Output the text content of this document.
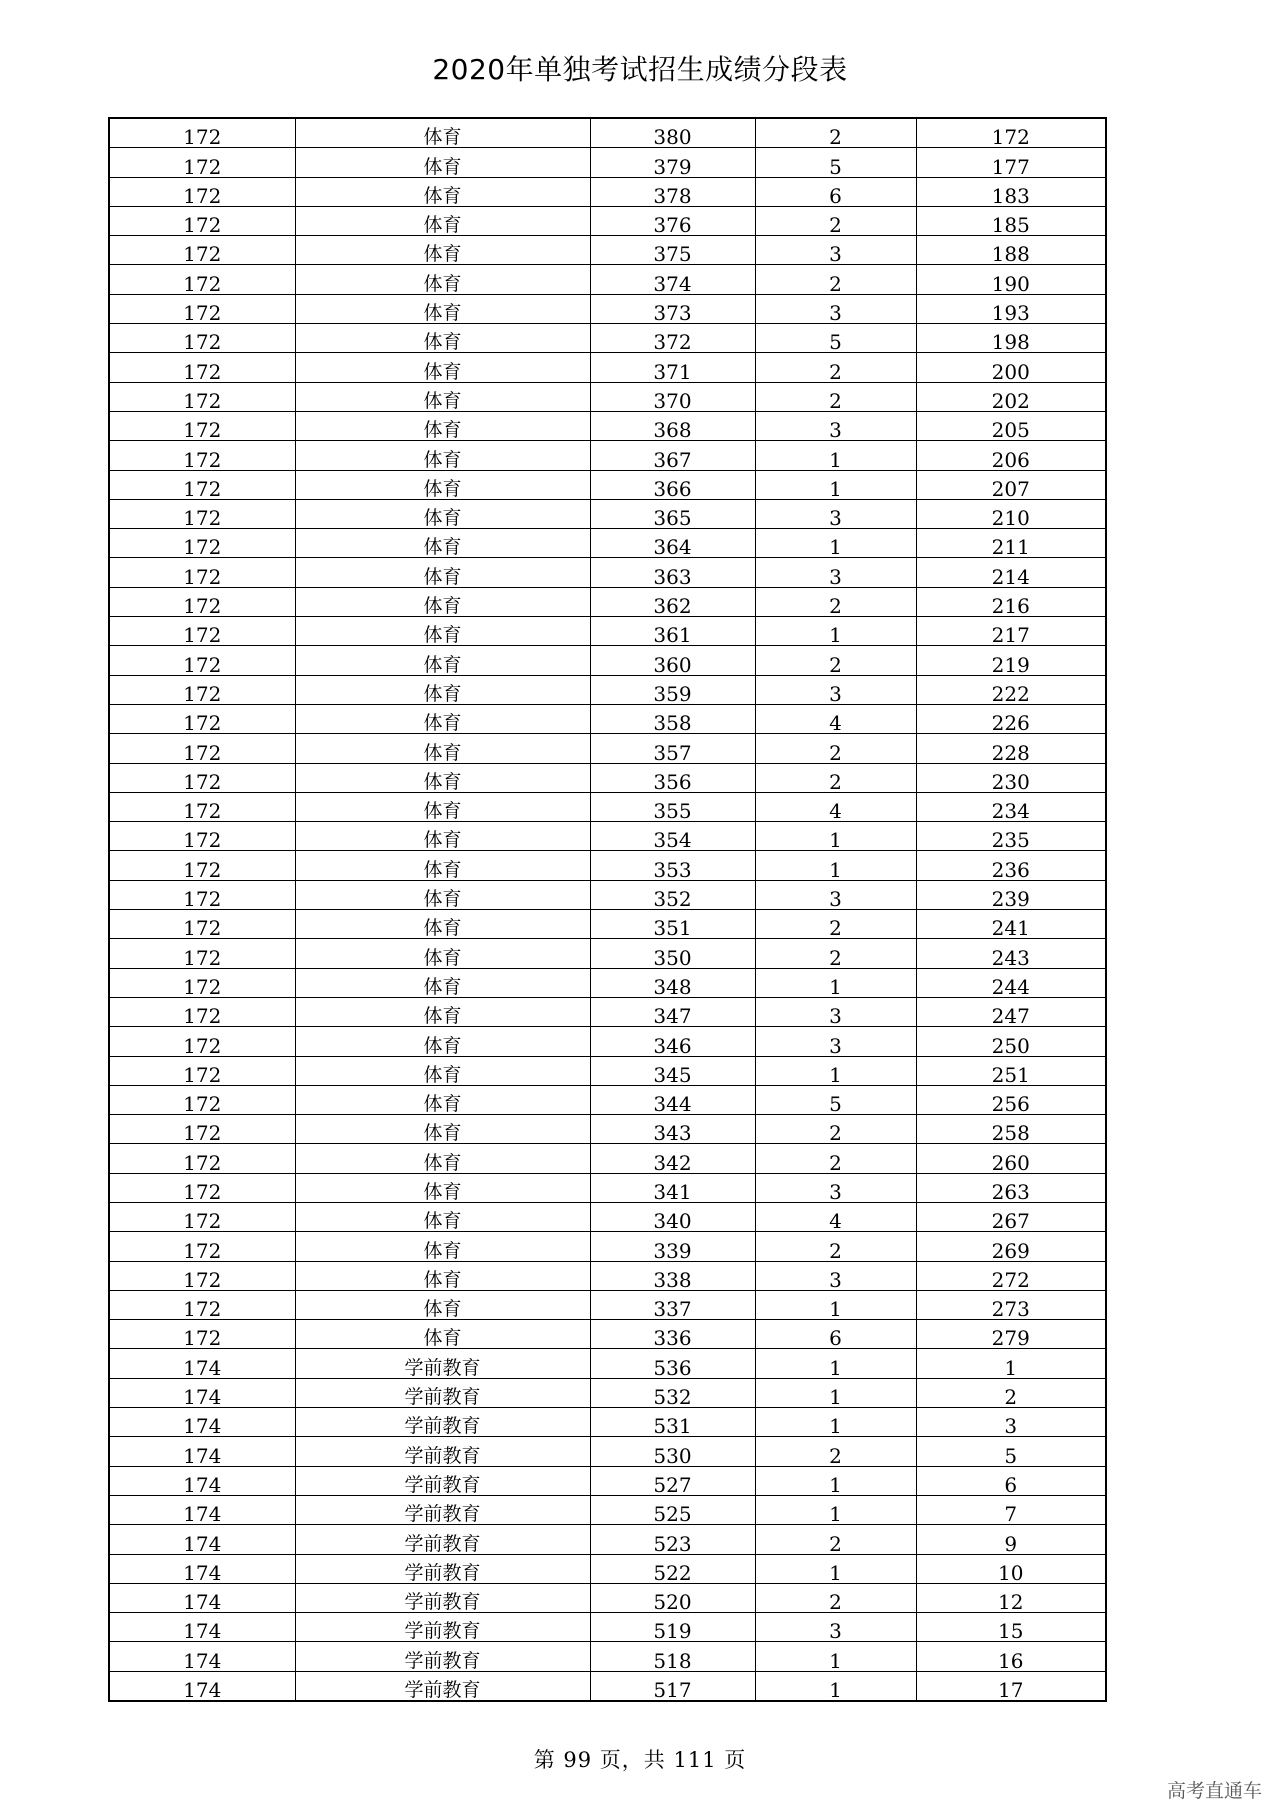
2020年单独考试招生成绩分段表
172	体育	380	2	172
172	体育	379	5	177
172	体育	378	6	183
172	体育	376	2	185
172	体育	375	3	188
172	体育	374	2	190
172	体育	373	3	193
172	体育	372	5	198
172	体育	371	2	200
172	体育	370	2	202
172	体育	368	3	205
172	体育	367	1	206
172	体育	366	1	207
172	体育	365	3	210
172	体育	364	1	211
172	体育	363	3	214
172	体育	362	2	216
172	体育	361	1	217
172	体育	360	2	219
172	体育	359	3	222
172	体育	358	4	226
172	体育	357	2	228
172	体育	356	2	230
172	体育	355	4	234
172	体育	354	1	235
172	体育	353	1	236
172	体育	352	3	239
172	体育	351	2	241
172	体育	350	2	243
172	体育	348	1	244
172	体育	347	3	247
172	体育	346	3	250
172	体育	345	1	251
172	体育	344	5	256
172	体育	343	2	258
172	体育	342	2	260
172	体育	341	3	263
172	体育	340	4	267
172	体育	339	2	269
172	体育	338	3	272
172	体育	337	1	273
172	体育	336	6	279
174	学前教育	536	1	1
174	学前教育	532	1	2
174	学前教育	531	1	3
174	学前教育	530	2	5
174	学前教育	527	1	6
174	学前教育	525	1	7
174	学前教育	523	2	9
174	学前教育	522	1	10
174	学前教育	520	2	12
174	学前教育	519	3	15
174	学前教育	518	1	16
174	学前教育	517	1	17
第 99 页，共 111 页
高考直通车
